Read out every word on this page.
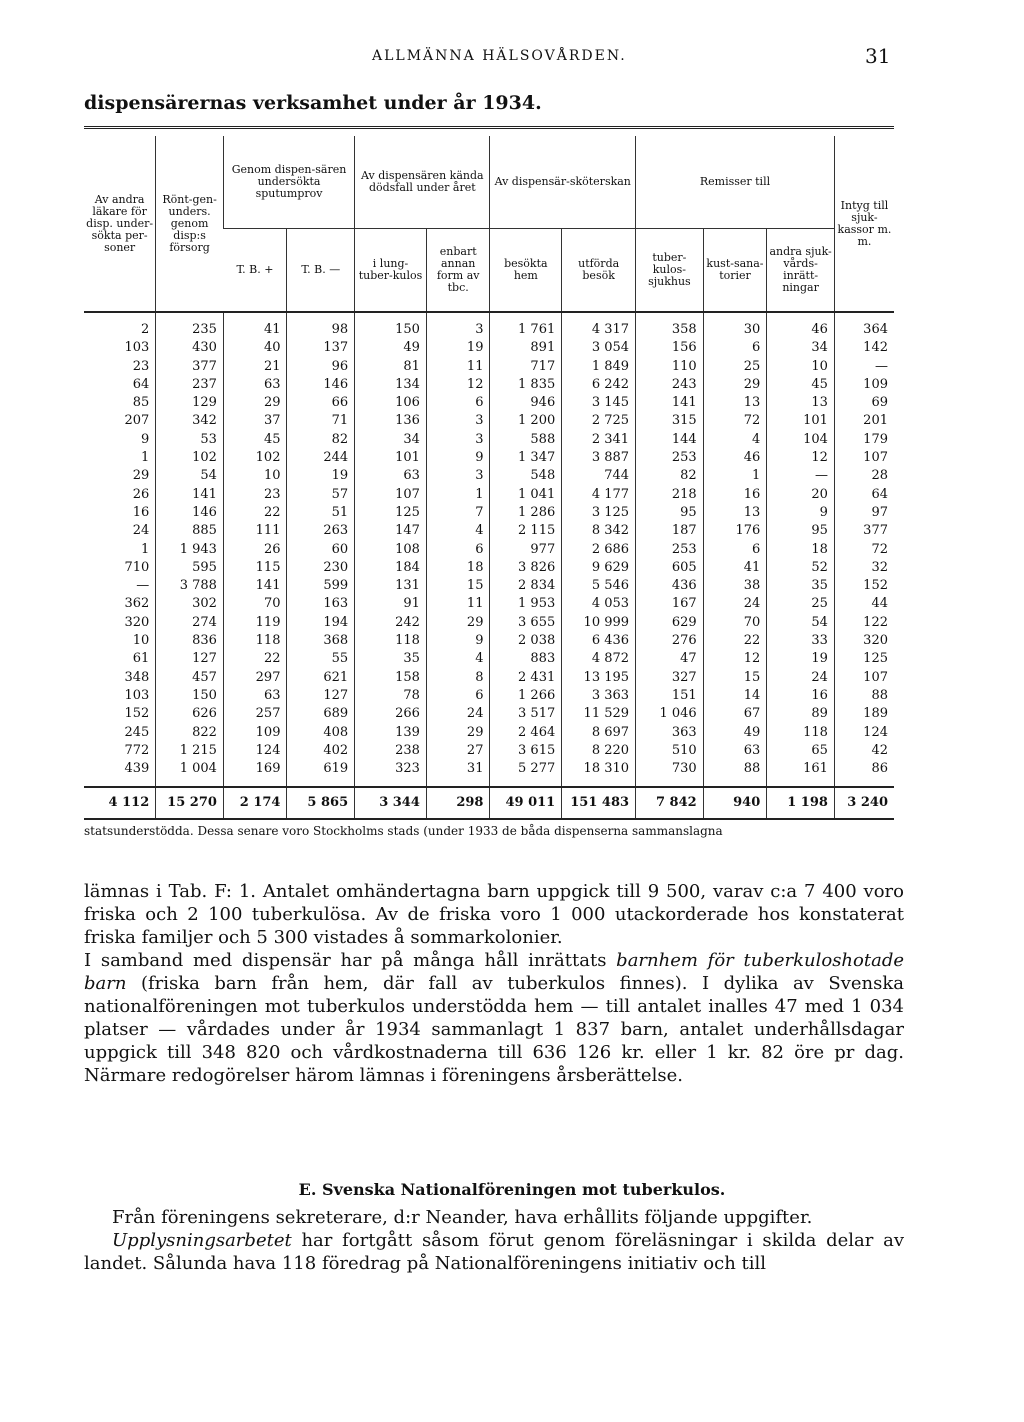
ALLMÄNNA HÄLSOVÅRDEN.	31
dispensärernas verksamhet under år 1934.
Av andra läkare för disp. under-sökta per-soner	Rönt-gen-unders. genom disp:s försorg	Genom dispen-sären undersökta sputumprov		Av dispensären kända dödsfall under året		Av dispensär-sköterskan		Remisser till			Intyg till sjuk-kassor m. m.
		T. B. +	T. B. —	i lung-tuber-kulos	enbart annan form av tbc.	besökta hem	utförda besök	tuber-kulos-sjukhus	kust-sana-torier	andra sjuk-vårds-inrätt-ningar	
2	235	41	98	150	3	1 761	4 317	358	30	46	364
103	430	40	137	49	19	891	3 054	156	6	34	142
23	377	21	96	81	11	717	1 849	110	25	10	—
64	237	63	146	134	12	1 835	6 242	243	29	45	109
85	129	29	66	106	6	946	3 145	141	13	13	69
207	342	37	71	136	3	1 200	2 725	315	72	101	201
9	53	45	82	34	3	588	2 341	144	4	104	179
1	102	102	244	101	9	1 347	3 887	253	46	12	107
29	54	10	19	63	3	548	744	82	1	—	28
26	141	23	57	107	1	1 041	4 177	218	16	20	64
16	146	22	51	125	7	1 286	3 125	95	13	9	97
24	885	111	263	147	4	2 115	8 342	187	176	95	377
1	1 943	26	60	108	6	977	2 686	253	6	18	72
710	595	115	230	184	18	3 826	9 629	605	41	52	32
—	3 788	141	599	131	15	2 834	5 546	436	38	35	152
362	302	70	163	91	11	1 953	4 053	167	24	25	44
320	274	119	194	242	29	3 655	10 999	629	70	54	122
10	836	118	368	118	9	2 038	6 436	276	22	33	320
61	127	22	55	35	4	883	4 872	47	12	19	125
348	457	297	621	158	8	2 431	13 195	327	15	24	107
103	150	63	127	78	6	1 266	3 363	151	14	16	88
152	626	257	689	266	24	3 517	11 529	1 046	67	89	189
245	822	109	408	139	29	2 464	8 697	363	49	118	124
772	1 215	124	402	238	27	3 615	8 220	510	63	65	42
439	1 004	169	619	323	31	5 277	18 310	730	88	161	86

4 112	15 270	2 174	5 865	3 344	298	49 011	151 483	7 842	940	1 198	3 240
statsunderstödda. Dessa senare voro Stockholms stads (under 1933 de båda dispenserna sammanslagna

lämnas i Tab. F: 1. Antalet omhändertagna barn uppgick till 9 500, varav c:a 7 400 voro friska och 2 100 tuberkulösa. Av de friska voro 1 000 utackorderade hos konstaterat friska familjer och 5 300 vistades å sommarkolonier.

I samband med dispensär har på många håll inrättats barnhem för tuberkuloshotade barn (friska barn från hem, där fall av tuberkulos finnes). I dylika av Svenska nationalföreningen mot tuberkulos understödda hem — till antalet inalles 47 med 1 034 platser — vårdades under år 1934 sammanlagt 1 837 barn, antalet underhållsdagar uppgick till 348 820 och vårdkostnaderna till 636 126 kr. eller 1 kr. 82 öre pr dag. Närmare redogörelser härom lämnas i föreningens årsberättelse.

E. Svenska Nationalföreningen mot tuberkulos.

Från föreningens sekreterare, d:r Neander, hava erhållits följande uppgifter.

Upplysningsarbetet har fortgått såsom förut genom föreläsningar i skilda delar av landet. Sålunda hava 118 föredrag på Nationalföreningens initiativ och till
